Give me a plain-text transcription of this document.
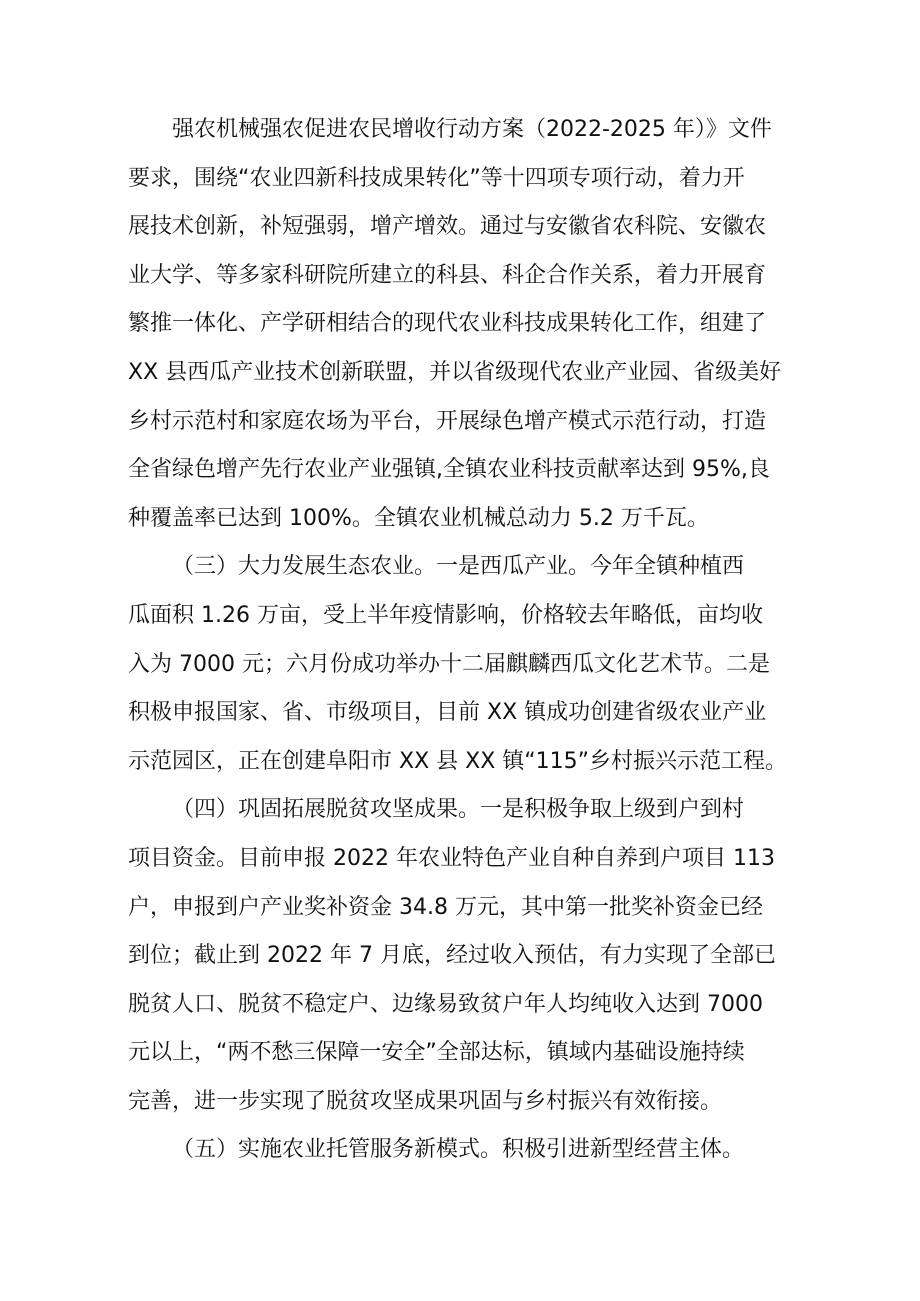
强农机械强农促进农民增收行动方案（2022-2025 年）》文件
要求，围绕“农业四新科技成果转化”等十四项专项行动，着力开
展技术创新，补短强弱，增产增效。通过与安徽省农科院、安徽农
业大学、等多家科研院所建立的科县、科企合作关系，着力开展育
繁推一体化、产学研相结合的现代农业科技成果转化工作，组建了
XX 县西瓜产业技术创新联盟，并以省级现代农业产业园、省级美好
乡村示范村和家庭农场为平台，开展绿色增产模式示范行动，打造
全省绿色增产先行农业产业强镇,全镇农业科技贡献率达到 95%,良
种覆盖率已达到 100%。全镇农业机械总动力 5.2 万千瓦。
（三）大力发展生态农业。一是西瓜产业。今年全镇种植西
瓜面积 1.26 万亩，受上半年疫情影响，价格较去年略低，亩均收
入为 7000 元；六月份成功举办十二届麒麟西瓜文化艺术节。二是
积极申报国家、省、市级项目，目前 XX 镇成功创建省级农业产业
示范园区，正在创建阜阳市 XX 县 XX 镇“115”乡村振兴示范工程。
（四）巩固拓展脱贫攻坚成果。一是积极争取上级到户到村
项目资金。目前申报 2022 年农业特色产业自种自养到户项目 113
户，申报到户产业奖补资金 34.8 万元，其中第一批奖补资金已经
到位；截止到 2022 年 7 月底，经过收入预估，有力实现了全部已
脱贫人口、脱贫不稳定户、边缘易致贫户年人均纯收入达到 7000
元以上，“两不愁三保障一安全”全部达标，镇域内基础设施持续
完善，进一步实现了脱贫攻坚成果巩固与乡村振兴有效衔接。
（五）实施农业托管服务新模式。积极引进新型经营主体。
